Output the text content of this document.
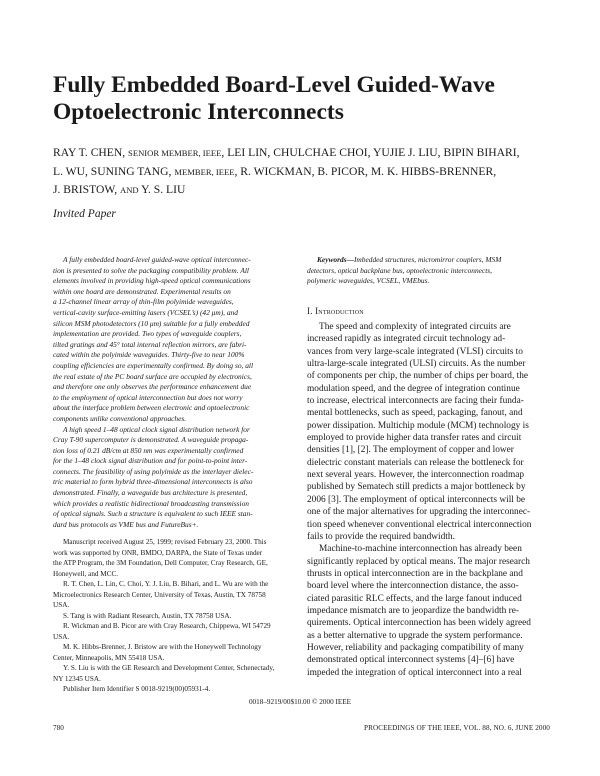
Fully Embedded Board-Level Guided-Wave
Optoelectronic Interconnects
RAY T. CHEN, SENIOR MEMBER, IEEE, LEI LIN, CHULCHAE CHOI, YUJIE J. LIU, BIPIN BIHARI,
L. WU, SUNING TANG, MEMBER, IEEE, R. WICKMAN, B. PICOR, M. K. HIBBS-BRENNER,
J. BRISTOW, AND Y. S. LIU
Invited Paper
A fully embedded board-level guided-wave optical interconnec-
tion is presented to solve the packaging compatibility problem. All
elements involved in providing high-speed optical communications
within one board are demonstrated. Experimental results on
a 12-channel linear array of thin-film polyimide waveguides,
vertical-cavity surface-emitting lasers (VCSEL’s) (42 μm), and
silicon MSM photodetectors (10 μm) suitable for a fully embedded
implementation are provided. Two types of waveguide couplers,
tilted gratings and 45° total internal reflection mirrors, are fabri-
cated within the polyimide waveguides. Thirty-five to near 100%
coupling efficiencies are experimentally confirmed. By doing so, all
the real estate of the PC board surface are occupied by electronics,
and therefore one only observes the performance enhancement due
to the employment of optical interconnection but does not worry
about the interface problem between electronic and optoelectronic
components unlike conventional approaches.
A high speed 1–48 optical clock signal distribution network for
Cray T-90 supercomputer is demonstrated. A waveguide propaga-
tion loss of 0.21 dB/cm at 850 nm was experimentally confirmed
for the 1–48 clock signal distribution and for point-to-point inter-
connects. The feasibility of using polyimide as the interlayer dielec-
tric material to form hybrid three-dimensional interconnects is also
demonstrated. Finally, a waveguide bus architecture is presented,
which provides a realistic bidirectional broadcasting transmission
of optical signals. Such a structure is equivalent to such IEEE stan-
dard bus protocols as VME bus and FutureBus+.
Manuscript received August 25, 1999; revised February 23, 2000. This
work was supported by ONR, BMDO, DARPA, the State of Texas under
the ATP Program, the 3M Foundation, Dell Computer, Cray Research, GE,
Honeywell, and MCC.
R. T. Chen, L. Lin, C. Choi, Y. J. Liu, B. Bihari, and L. Wu are with the
Microelectronics Research Center, University of Texas, Austin, TX 78758
USA.
S. Tang is with Radiant Research, Austin, TX 78758 USA.
R. Wickman and B. Picor are with Cray Research, Chippewa, WI 54729
USA.
M. K. Hibbs-Brenner, J. Bristow are with the Honeywell Technology
Center, Minneapolis, MN 55418 USA.
Y. S. Liu is with the GE Research and Development Center, Schenectady,
NY 12345 USA.
Publisher Item Identifier S 0018-9219(00)05931-4.
Keywords—Imbedded structures, micromirror couplers, MSM
detectors, optical backplane bus, optoelectronic interconnects,
polymeric waveguides, VCSEL, VMEbus.
I. Introduction
The speed and complexity of integrated circuits are
increased rapidly as integrated circuit technology ad-
vances from very large-scale integrated (VLSI) circuits to
ultra-large-scale integrated (ULSI) circuits. As the number
of components per chip, the number of chips per board, the
modulation speed, and the degree of integration continue
to increase, electrical interconnects are facing their funda-
mental bottlenecks, such as speed, packaging, fanout, and
power dissipation. Multichip module (MCM) technology is
employed to provide higher data transfer rates and circuit
densities [1], [2]. The employment of copper and lower
dielectric constant materials can release the bottleneck for
next several years. However, the interconnection roadmap
published by Sematech still predicts a major bottleneck by
2006 [3]. The employment of optical interconnects will be
one of the major alternatives for upgrading the interconnec-
tion speed whenever conventional electrical interconnection
fails to provide the required bandwidth.
Machine-to-machine interconnection has already been
significantly replaced by optical means. The major research
thrusts in optical interconnection are in the backplane and
board level where the interconnection distance, the asso-
ciated parasitic RLC effects, and the large fanout induced
impedance mismatch are to jeopardize the bandwidth re-
quirements. Optical interconnection has been widely agreed
as a better alternative to upgrade the system performance.
However, reliability and packaging compatibility of many
demonstrated optical interconnect systems [4]–[6] have
impeded the integration of optical interconnect into a real
0018–9219/00$10.00 © 2000 IEEE
780	PROCEEDINGS OF THE IEEE, VOL. 88, NO. 6, JUNE 2000
